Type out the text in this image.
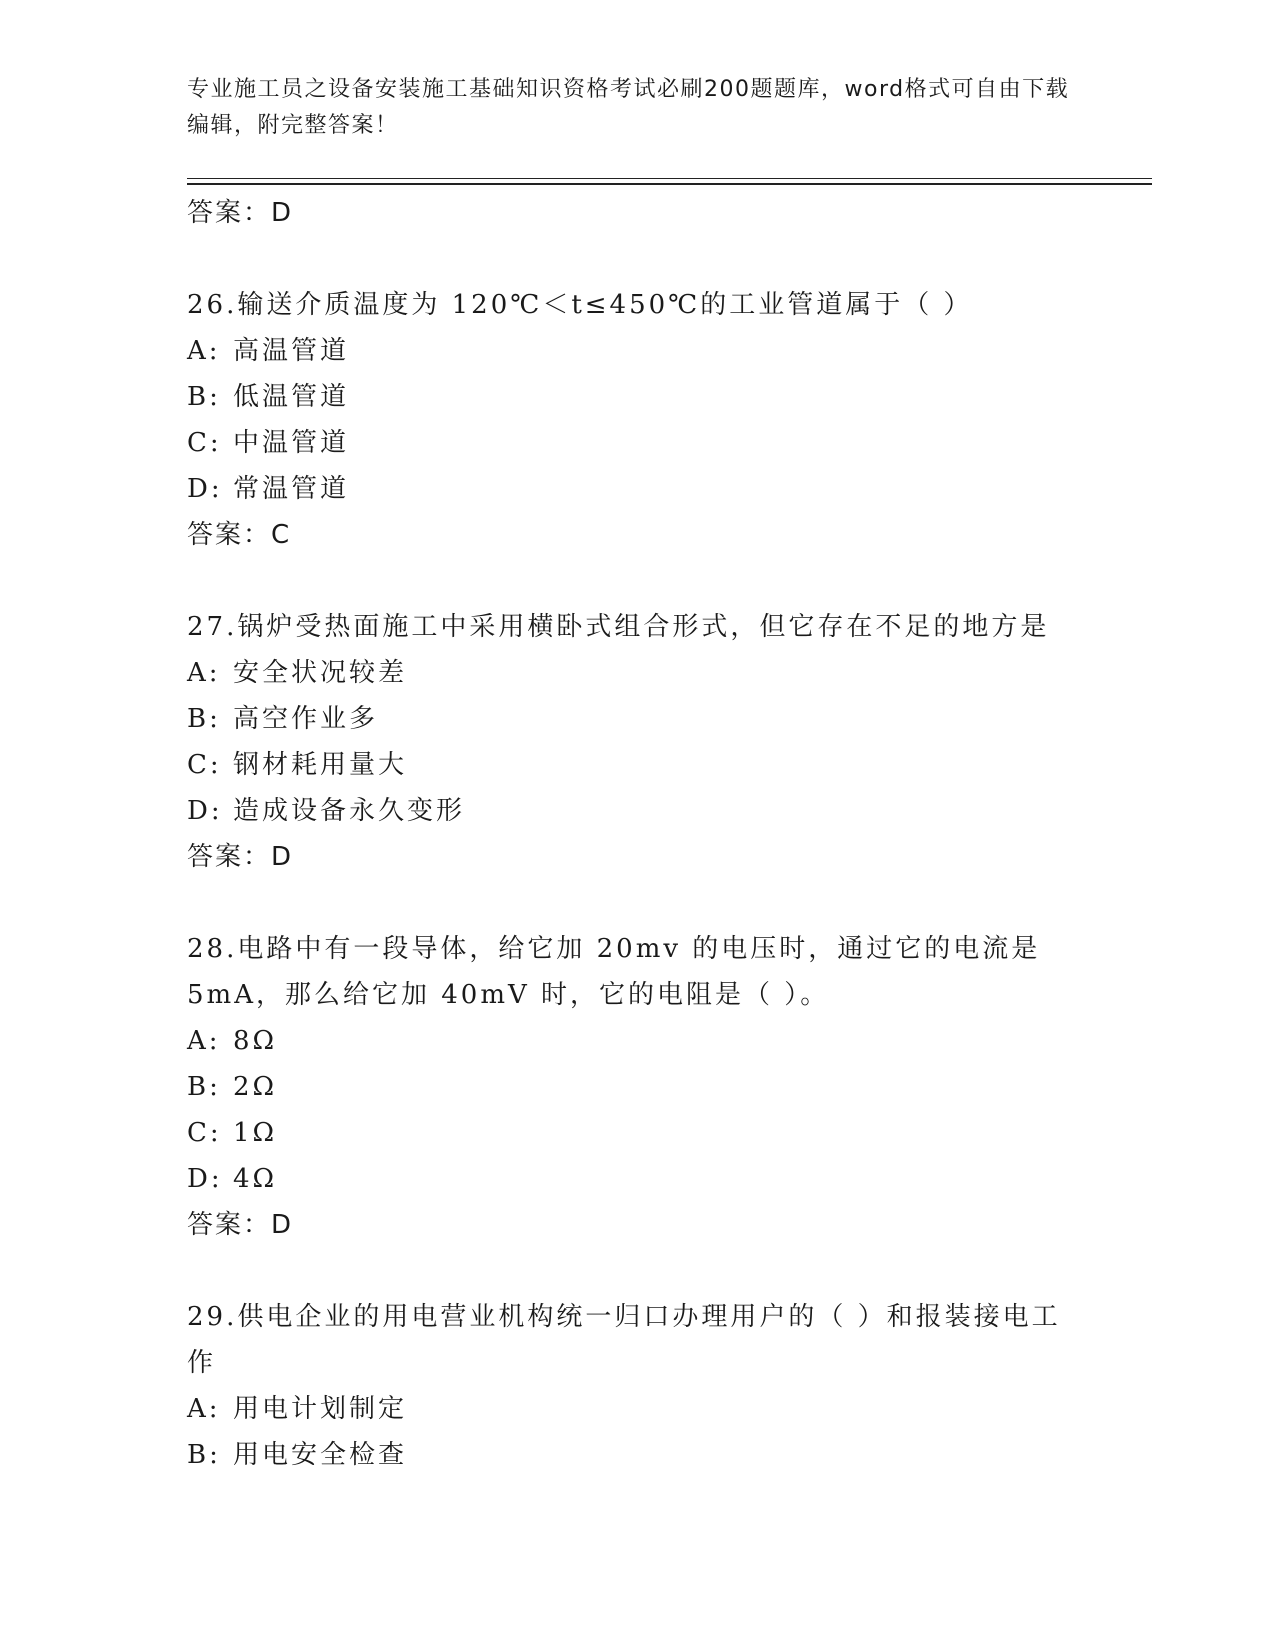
专业施工员之设备安装施工基础知识资格考试必刷200题题库，word格式可自由下载编辑，附完整答案！
答案：D
26.输送介质温度为 120℃＜t≤450℃的工业管道属于（ ）
A: 高温管道
B: 低温管道
C: 中温管道
D: 常温管道
答案：C
27.锅炉受热面施工中采用横卧式组合形式，但它存在不足的地方是
A: 安全状况较差
B: 高空作业多
C: 钢材耗用量大
D: 造成设备永久变形
答案：D
28.电路中有一段导体，给它加 20mv 的电压时，通过它的电流是 5mA，那么给它加 40mV 时，它的电阻是（ ）。
A: 8Ω
B: 2Ω
C: 1Ω
D: 4Ω
答案：D
29.供电企业的用电营业机构统一归口办理用户的（ ）和报装接电工作
A: 用电计划制定
B: 用电安全检查
